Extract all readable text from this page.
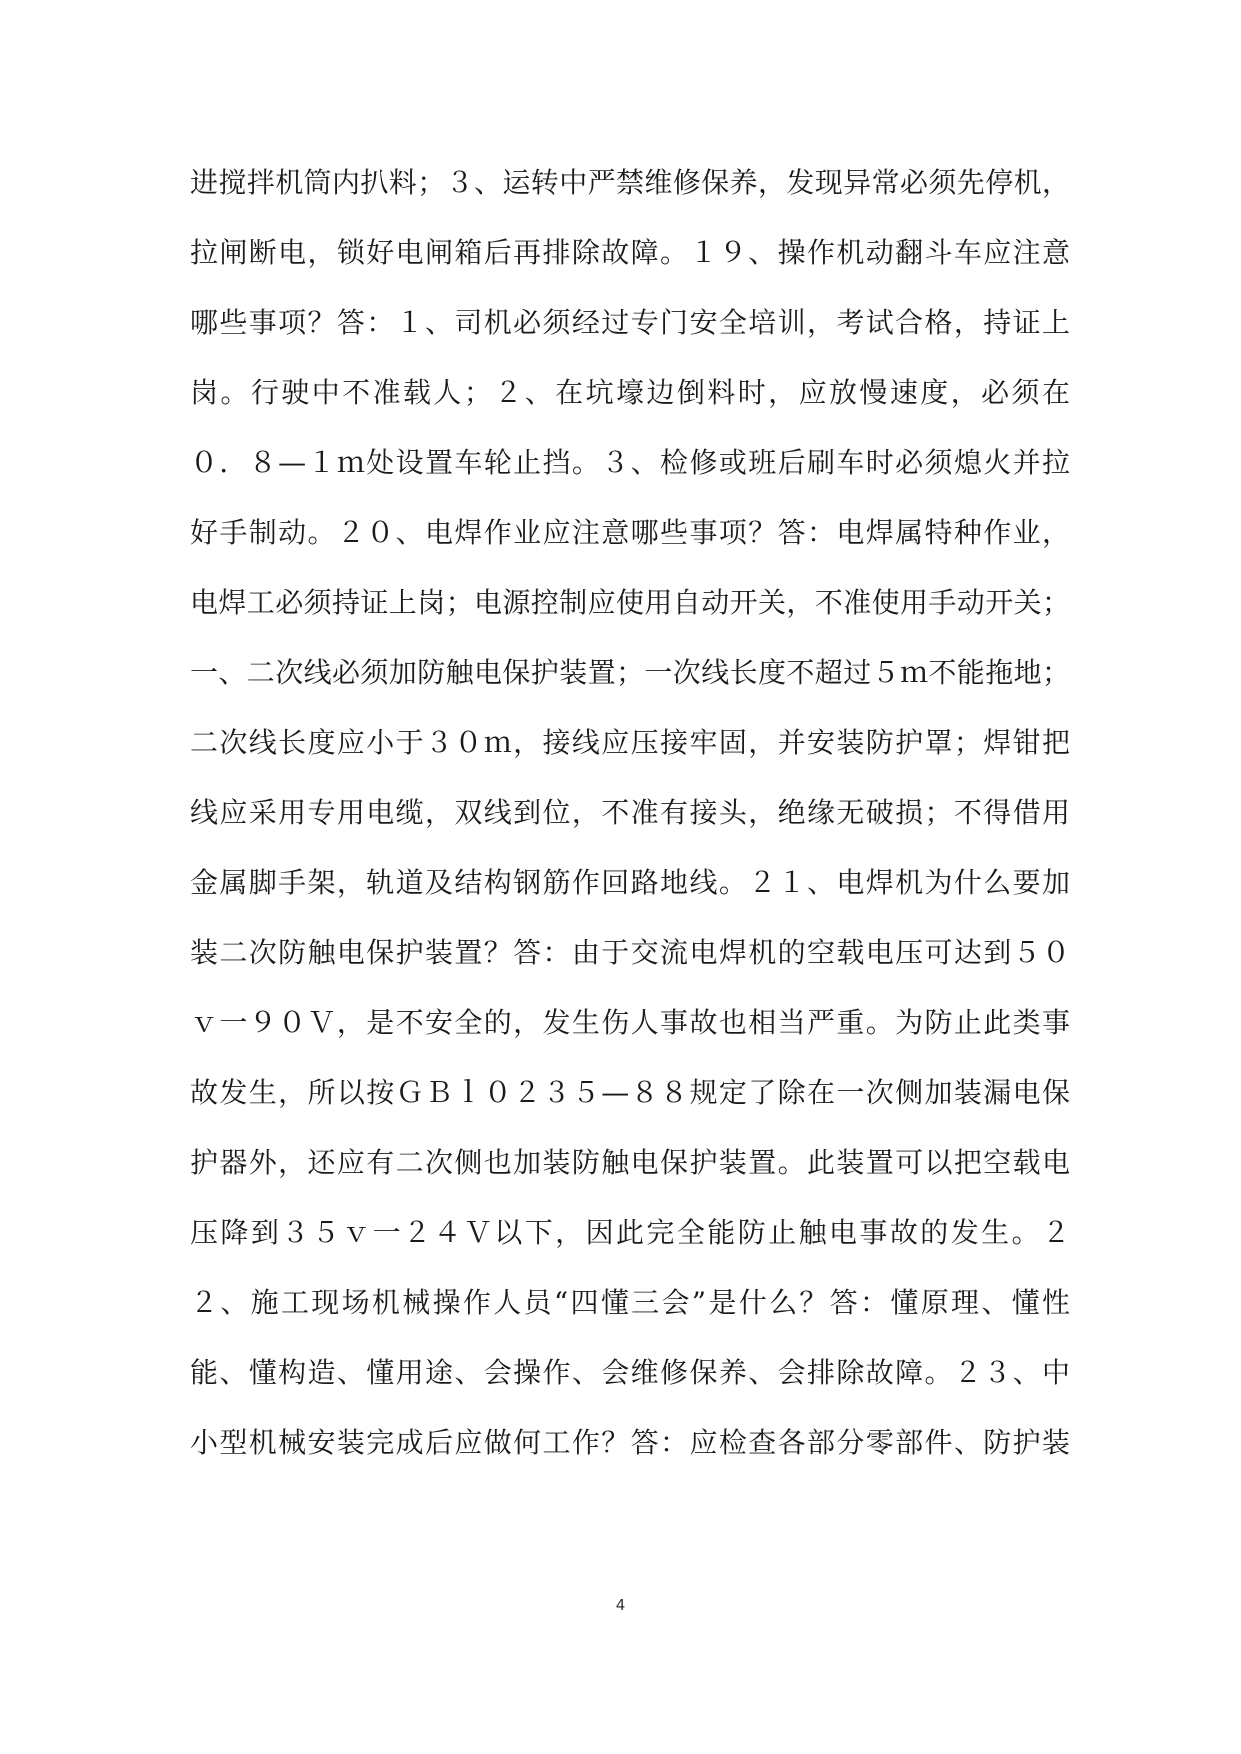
进搅拌机筒内扒料；３、运转中严禁维修保养，发现异常必须先停机，
拉闸断电，锁好电闸箱后再排除故障。１９、操作机动翻斗车应注意
哪些事项？答：１、司机必须经过专门安全培训，考试合格，持证上
岗。行驶中不准载人；２、在坑壕边倒料时，应放慢速度，必须在
０．８—１ｍ处设置车轮止挡。３、检修或班后刷车时必须熄火并拉
好手制动。２０、电焊作业应注意哪些事项？答：电焊属特种作业，
电焊工必须持证上岗；电源控制应使用自动开关，不准使用手动开关；
一、二次线必须加防触电保护装置；一次线长度不超过５ｍ不能拖地；
二次线长度应小于３０ｍ，接线应压接牢固，并安装防护罩；焊钳把
线应采用专用电缆，双线到位，不准有接头，绝缘无破损；不得借用
金属脚手架，轨道及结构钢筋作回路地线。２１、电焊机为什么要加
装二次防触电保护装置？答：由于交流电焊机的空载电压可达到５０
ｖ一９０Ｖ，是不安全的，发生伤人事故也相当严重。为防止此类事
故发生，所以按ＧＢｌ０２３５—８８规定了除在一次侧加装漏电保
护器外，还应有二次侧也加装防触电保护装置。此装置可以把空载电
压降到３５ｖ一２４Ｖ以下，因此完全能防止触电事故的发生。２
２、施工现场机械操作人员“四懂三会”是什么？答：懂原理、懂性
能、懂构造、懂用途、会操作、会维修保养、会排除故障。２３、中
小型机械安装完成后应做何工作？答：应检查各部分零部件、防护装
4
